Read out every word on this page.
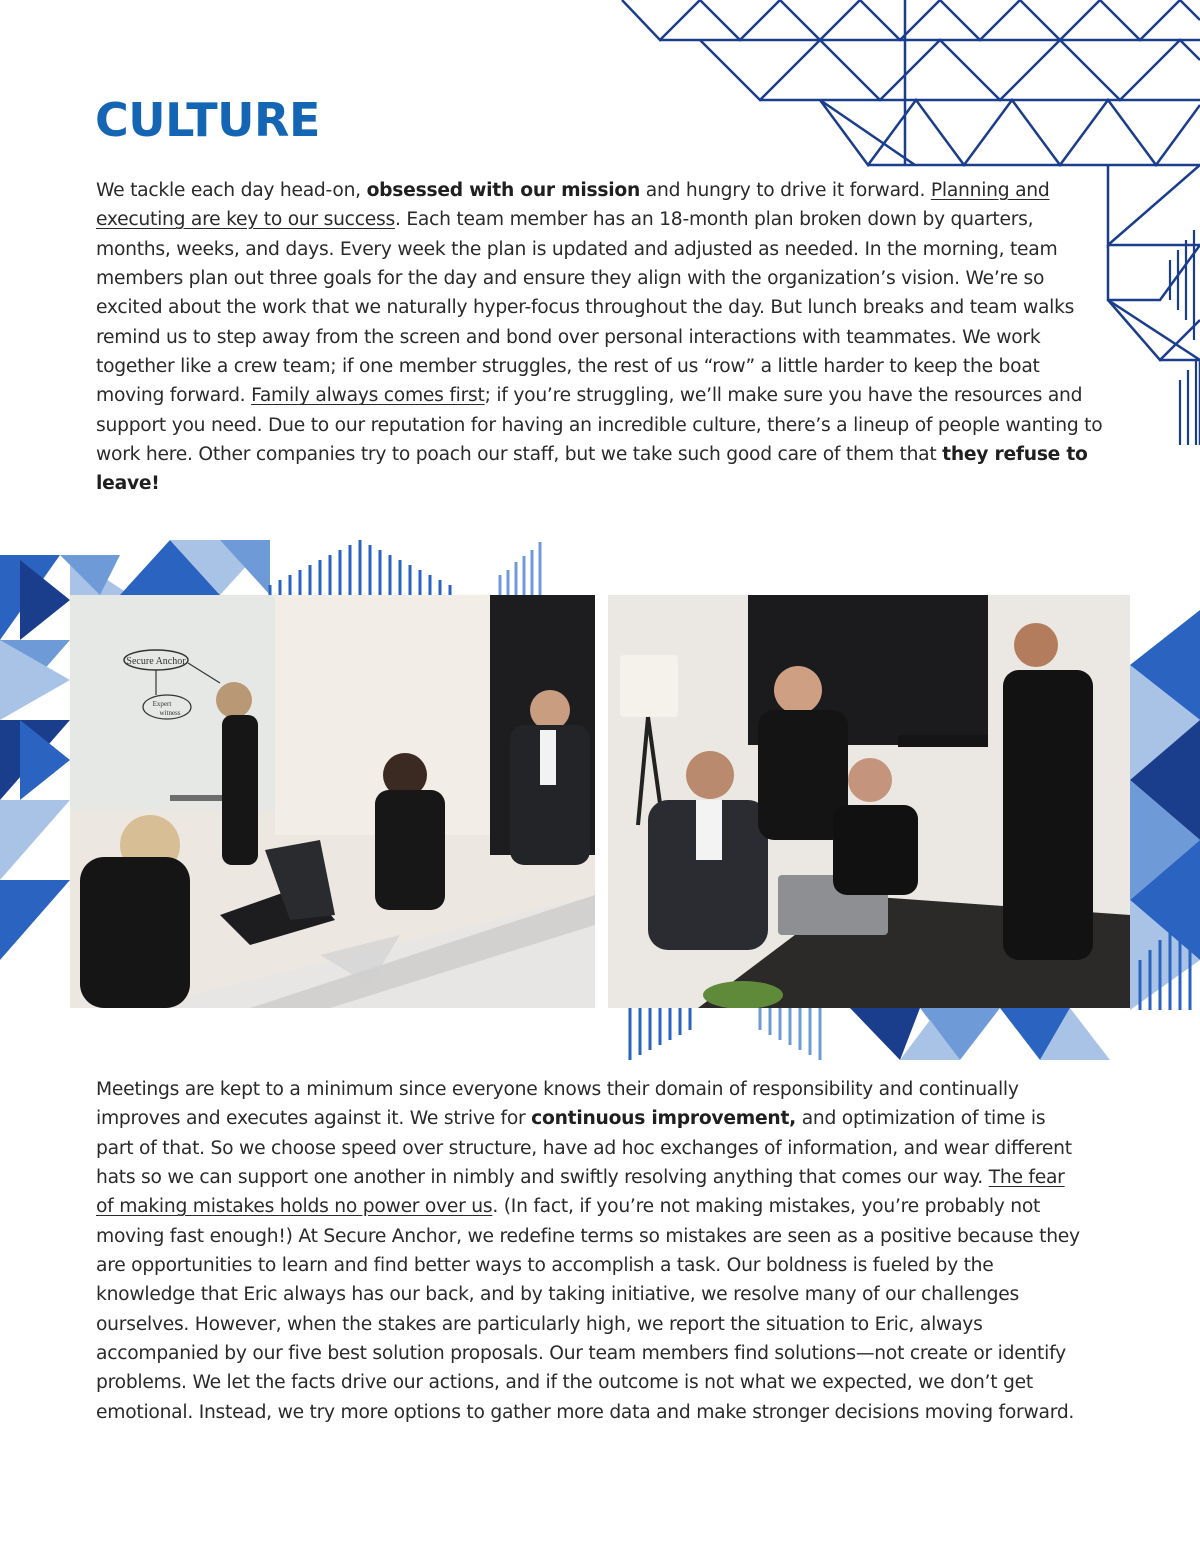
CULTURE

We tackle each day head-on, obsessed with our mission and hungry to drive it forward. Planning and executing are key to our success. Each team member has an 18-month plan broken down by quarters, months, weeks, and days. Every week the plan is updated and adjusted as needed. In the morning, team members plan out three goals for the day and ensure they align with the organization’s vision. We’re so excited about the work that we naturally hyper-focus throughout the day. But lunch breaks and team walks remind us to step away from the screen and bond over personal interactions with teammates. We work together like a crew team; if one member struggles, the rest of us “row” a little harder to keep the boat moving forward. Family always comes first; if you’re struggling, we’ll make sure you have the resources and support you need. Due to our reputation for having an incredible culture, there’s a lineup of people wanting to work here. Other companies try to poach our staff, but we take such good care of them that they refuse to leave!

Secure Anchor
Expert
witness

Meetings are kept to a minimum since everyone knows their domain of responsibility and continually improves and executes against it. We strive for continuous improvement, and optimization of time is part of that. So we choose speed over structure, have ad hoc exchanges of information, and wear different hats so we can support one another in nimbly and swiftly resolving anything that comes our way. The fear of making mistakes holds no power over us. (In fact, if you’re not making mistakes, you’re probably not moving fast enough!) At Secure Anchor, we redefine terms so mistakes are seen as a positive because they are opportunities to learn and find better ways to accomplish a task. Our boldness is fueled by the knowledge that Eric always has our back, and by taking initiative, we resolve many of our challenges ourselves. However, when the stakes are particularly high, we report the situation to Eric, always accompanied by our five best solution proposals. Our team members find solutions—not create or identify problems. We let the facts drive our actions, and if the outcome is not what we expected, we don’t get emotional. Instead, we try more options to gather more data and make stronger decisions moving forward.
